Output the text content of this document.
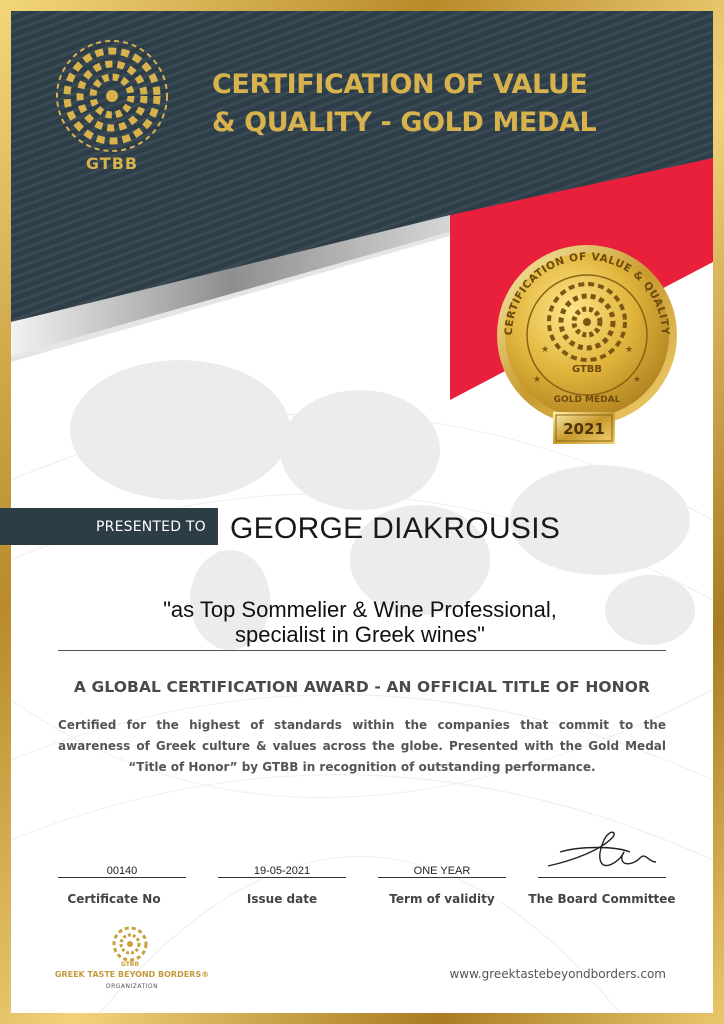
★	★
★	★
CERTIFICATION OF VALUE & QUALITY
GTBB
GOLD MEDAL
2021
GTBB
GTBB
CERTIFICATION OF VALUE
& QUALITY - GOLD MEDAL
PRESENTED TO GEORGE DIAKROUSIS
"as Top Sommelier & Wine Professional,
specialist in Greek wines"
A GLOBAL CERTIFICATION AWARD - AN OFFICIAL TITLE OF HONOR
Certified for the highest of standards within the companies that commit to the awareness of Greek culture & values across the globe. Presented with the Gold Medal “Title of Honor” by GTBB in recognition of outstanding performance.
00140
Certificate No
19-05-2021
Issue date
ONE YEAR
Term of validity	The Board Committee
GREEK TASTE BEYOND BORDERS®
ORGANIZATION
www.greektastebeyondborders.com
